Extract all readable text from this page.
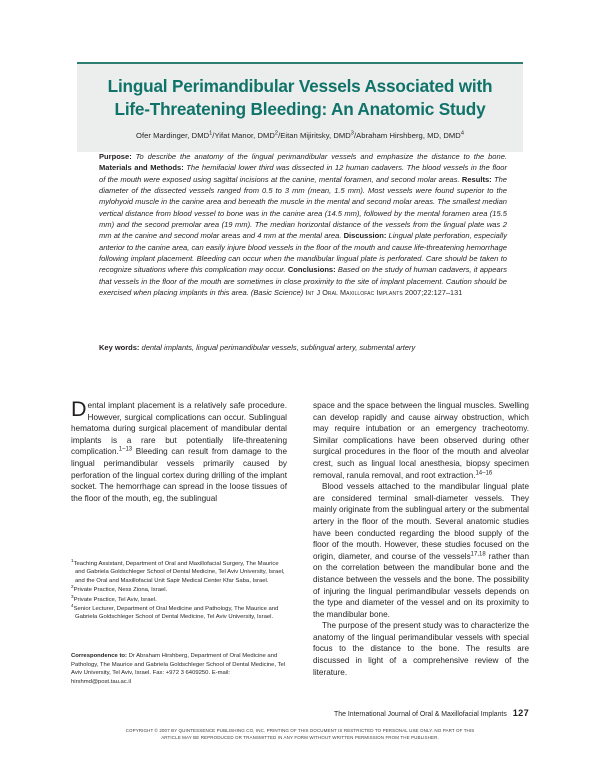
Lingual Perimandibular Vessels Associated with
Life-Threatening Bleeding: An Anatomic Study
Ofer Mardinger, DMD$^1$/Yifat Manor, DMD$^2$/Eitan Mijiritsky, DMD$^3$/Abraham Hirshberg, MD, DMD$^4$
Purpose: To describe the anatomy of the lingual perimandibular vessels and emphasize the distance to the bone. Materials and Methods: The hemifacial lower third was dissected in 12 human cadavers. The blood vessels in the floor of the mouth were exposed using sagittal incisions at the canine, mental foramen, and second molar areas. Results: The diameter of the dissected vessels ranged from 0.5 to 3 mm (mean, 1.5 mm). Most vessels were found superior to the mylohyoid muscle in the canine area and beneath the muscle in the mental and second molar areas. The smallest median vertical distance from blood vessel to bone was in the canine area (14.5 mm), followed by the mental foramen area (15.5 mm) and the second premolar area (19 mm). The median horizontal distance of the vessels from the lingual plate was 2 mm at the canine and second molar areas and 4 mm at the mental area. Discussion: Lingual plate perforation, especially anterior to the canine area, can easily injure blood vessels in the floor of the mouth and cause life-threatening hemorrhage following implant placement. Bleeding can occur when the mandibular lingual plate is perforated. Care should be taken to recognize situations where this complication may occur. Conclusions: Based on the study of human cadavers, it appears that vessels in the floor of the mouth are sometimes in close proximity to the site of implant placement. Caution should be exercised when placing implants in this area. (Basic Science) Int J Oral Maxillofac Implants 2007;22:127–131
Key words: dental implants, lingual perimandibular vessels, sublingual artery, submental artery

Dental implant placement is a relatively safe procedure. However, surgical complications can occur. Sublingual hematoma during surgical placement of mandibular dental implants is a rare but potentially life-threatening complication.$^{1-13}$ Bleeding can result from damage to the lingual perimandibular vessels primarily caused by perforation of the lingual cortex during drilling of the implant socket. The hemorrhage can spread in the loose tissues of the floor of the mouth, eg, the sublingual

$^1$Teaching Assistant, Department of Oral and Maxillofacial Surgery, The Maurice and Gabriela Goldschleger School of Dental Medicine, Tel Aviv University, Israel, and the Oral and Maxillofacial Unit Sapir Medical Center Kfar Saba, Israel.

$^2$Private Practice, Ness Ziona, Israel.

$^3$Private Practice, Tel Aviv, Israel.

$^4$Senior Lecturer, Department of Oral Medicine and Pathology, The Maurice and Gabriela Goldschleger School of Dental Medicine, Tel Aviv University, Israel.

Correspondence to: Dr Abraham Hirshberg, Department of Oral Medicine and Pathology, The Maurice and Gabriela Goldschleger School of Dental Medicine, Tel Aviv University, Tel Aviv, Israel. Fax: +972 3 6409250. E-mail: hirshmd@post.tau.ac.il

space and the space between the lingual muscles. Swelling can develop rapidly and cause airway obstruction, which may require intubation or an emergency tracheotomy. Similar complications have been observed during other surgical procedures in the floor of the mouth and alveolar crest, such as lingual local anesthesia, biopsy specimen removal, ranula removal, and root extraction.$^{14-16}$

Blood vessels attached to the mandibular lingual plate are considered terminal small-diameter vessels. They mainly originate from the sublingual artery or the submental artery in the floor of the mouth. Several anatomic studies have been conducted regarding the blood supply of the floor of the mouth. However, these studies focused on the origin, diameter, and course of the vessels$^{17,18}$ rather than on the correlation between the mandibular bone and the distance between the vessels and the bone. The possibility of injuring the lingual perimandibular vessels depends on the type and diameter of the vessel and on its proximity to the mandibular bone.

The purpose of the present study was to characterize the anatomy of the lingual perimandibular vessels with special focus to the distance to the bone. The results are discussed in light of a comprehensive review of the literature.

The International Journal of Oral & Maxillofacial Implants 127
COPYRIGHT © 2007 BY QUINTESSENCE PUBLISHING CO, INC. PRINTING OF THIS DOCUMENT IS RESTRICTED TO PERSONAL USE ONLY. NO PART OF THIS
ARTICLE MAY BE REPRODUCED OR TRANSMITTED IN ANY FORM WITHOUT WRITTEN PERMISSION FROM THE PUBLISHER.
